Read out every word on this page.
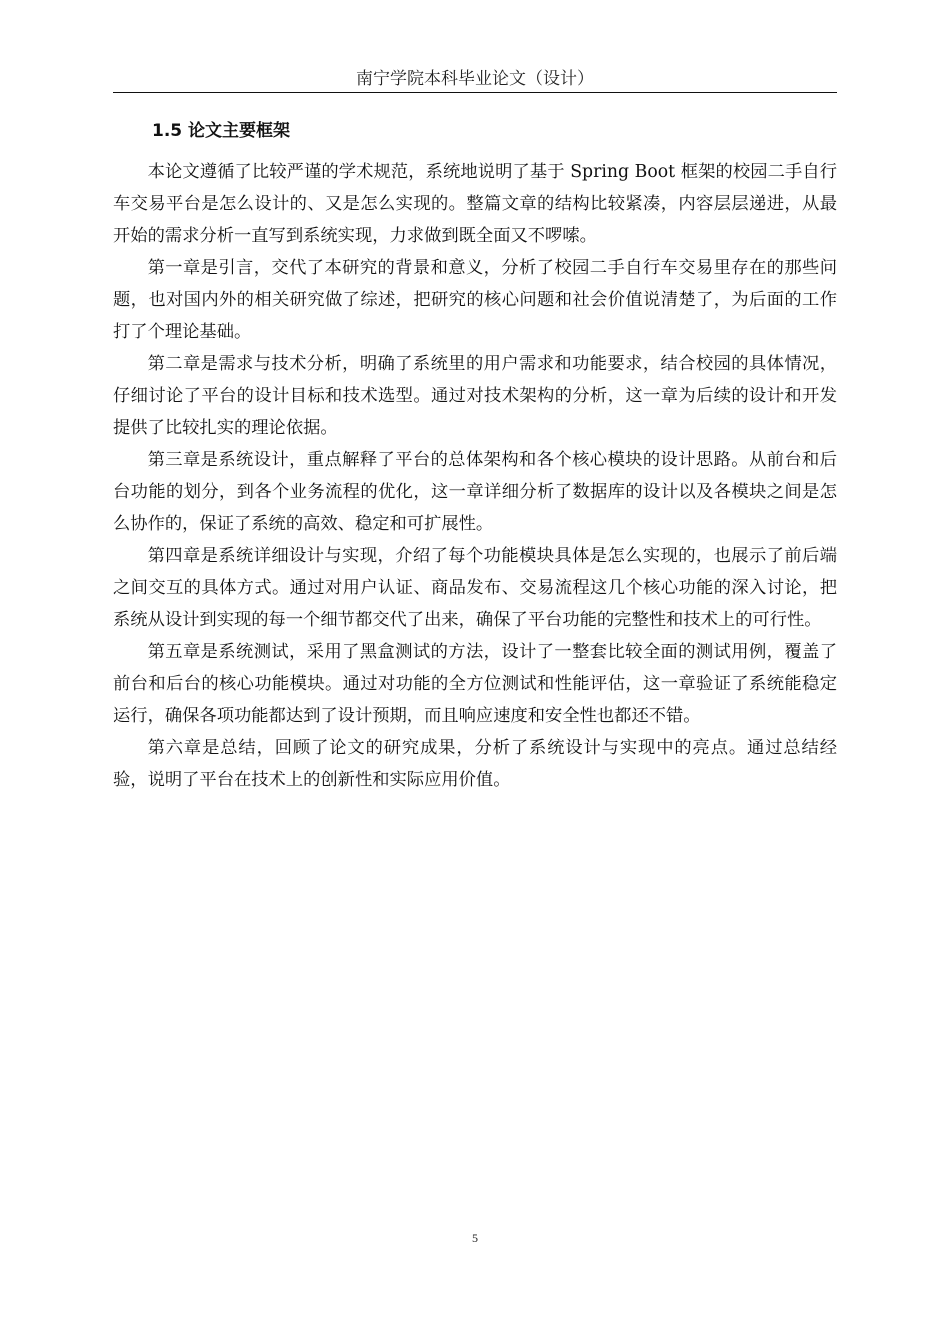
南宁学院本科毕业论文（设计）
1.5 论文主要框架

本论文遵循了比较严谨的学术规范，系统地说明了基于 Spring Boot 框架的校园二手自行车交易平台是怎么设计的、又是怎么实现的。整篇文章的结构比较紧凑，内容层层递进，从最开始的需求分析一直写到系统实现，力求做到既全面又不啰嗦。

第一章是引言，交代了本研究的背景和意义，分析了校园二手自行车交易里存在的那些问题，也对国内外的相关研究做了综述，把研究的核心问题和社会价值说清楚了，为后面的工作打了个理论基础。

第二章是需求与技术分析，明确了系统里的用户需求和功能要求，结合校园的具体情况，仔细讨论了平台的设计目标和技术选型。通过对技术架构的分析，这一章为后续的设计和开发提供了比较扎实的理论依据。

第三章是系统设计，重点解释了平台的总体架构和各个核心模块的设计思路。从前台和后台功能的划分，到各个业务流程的优化，这一章详细分析了数据库的设计以及各模块之间是怎么协作的，保证了系统的高效、稳定和可扩展性。

第四章是系统详细设计与实现，介绍了每个功能模块具体是怎么实现的，也展示了前后端之间交互的具体方式。通过对用户认证、商品发布、交易流程这几个核心功能的深入讨论，把系统从设计到实现的每一个细节都交代了出来，确保了平台功能的完整性和技术上的可行性。

第五章是系统测试，采用了黑盒测试的方法，设计了一整套比较全面的测试用例，覆盖了前台和后台的核心功能模块。通过对功能的全方位测试和性能评估，这一章验证了系统能稳定运行，确保各项功能都达到了设计预期，而且响应速度和安全性也都还不错。

第六章是总结，回顾了论文的研究成果，分析了系统设计与实现中的亮点。通过总结经验，说明了平台在技术上的创新性和实际应用价值。

5
